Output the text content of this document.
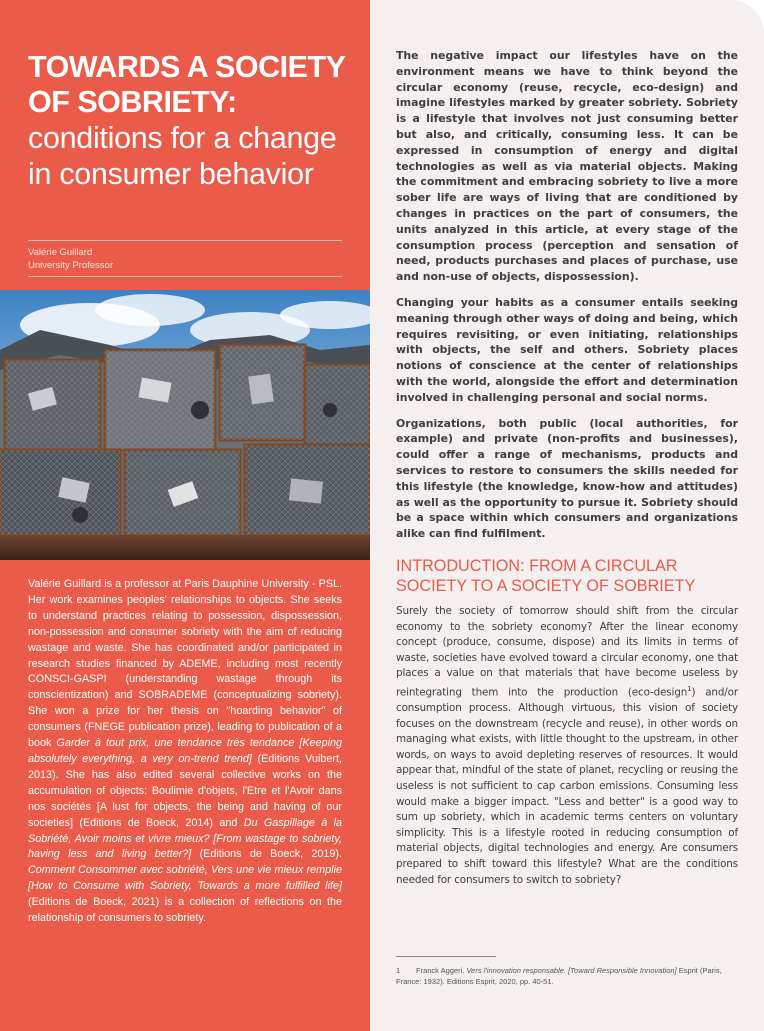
TOWARDS A SOCIETY OF SOBRIETY:
conditions for a change in consumer behavior
Valérie Guillard
University Professor
Valérie Guillard is a professor at Paris Dauphine University - PSL. Her work examines peoples' relationships to objects. She seeks to understand practices relating to possession, dispossession, non-possession and consumer sobriety with the aim of reducing wastage and waste. She has coordinated and/or participated in research studies financed by ADEME, including most recently CONSCI-GASPI (understanding wastage through its conscientization) and SOBRADEME (conceptualizing sobriety). She won a prize for her thesis on "hoarding behavior" of consumers (FNEGE publication prize), leading to publication of a book Garder à tout prix, une tendance très tendance [Keeping absolutely everything, a very on-trend trend] (Editions Vuibert, 2013). She has also edited several collective works on the accumulation of objects: Boulimie d'objets, l'Etre et l'Avoir dans nos sociétés [A lust for objects, the being and having of our societies] (Editions de Boeck, 2014) and Du Gaspillage à la Sobriété, Avoir moins et vivre mieux? [From wastage to sobriety, having less and living better?] (Editions de Boeck, 2019). Comment Consommer avec sobriété, Vers une vie mieux remplie [How to Consume with Sobriety, Towards a more fulfilled life] (Editions de Boeck, 2021) is a collection of reflections on the relationship of consumers to sobriety.

The negative impact our lifestyles have on the environment means we have to think beyond the circular economy (reuse, recycle, eco-design) and imagine lifestyles marked by greater sobriety. Sobriety is a lifestyle that involves not just consuming better but also, and critically, consuming less. It can be expressed in consumption of energy and digital technologies as well as via material objects. Making the commitment and embracing sobriety to live a more sober life are ways of living that are conditioned by changes in practices on the part of consumers, the units analyzed in this article, at every stage of the consumption process (perception and sensation of need, products purchases and places of purchase, use and non-use of objects, dispossession).

Changing your habits as a consumer entails seeking meaning through other ways of doing and being, which requires revisiting, or even initiating, relationships with objects, the self and others. Sobriety places notions of conscience at the center of relationships with the world, alongside the effort and determination involved in challenging personal and social norms.

Organizations, both public (local authorities, for example) and private (non-profits and businesses), could offer a range of mechanisms, products and services to restore to consumers the skills needed for this lifestyle (the knowledge, know-how and attitudes) as well as the opportunity to pursue it. Sobriety should be a space within which consumers and organizations alike can find fulfilment.

INTRODUCTION: FROM A CIRCULAR
SOCIETY TO A SOCIETY OF SOBRIETY
Surely the society of tomorrow should shift from the circular economy to the sobriety economy? After the linear economy concept (produce, consume, dispose) and its limits in terms of waste, societies have evolved toward a circular economy, one that places a value on that materials that have become useless by reintegrating them into the production (eco-design$^1$) and/or consumption process. Although virtuous, this vision of society focuses on the downstream (recycle and reuse), in other words on managing what exists, with little thought to the upstream, in other words, on ways to avoid depleting reserves of resources. It would appear that, mindful of the state of planet, recycling or reusing the useless is not sufficient to cap carbon emissions. Consuming less would make a bigger impact. "Less and better" is a good way to sum up sobriety, which in academic terms centers on voluntary simplicity. This is a lifestyle rooted in reducing consumption of material objects, digital technologies and energy. Are consumers prepared to shift toward this lifestyle? What are the conditions needed for consumers to switch to sobriety?
1 Franck Aggeri. Vers l'innovation responsable. [Toward Responsible Innovation] Esprit (Paris, France: 1932). Editions Esprit, 2020, pp. 40-51.
